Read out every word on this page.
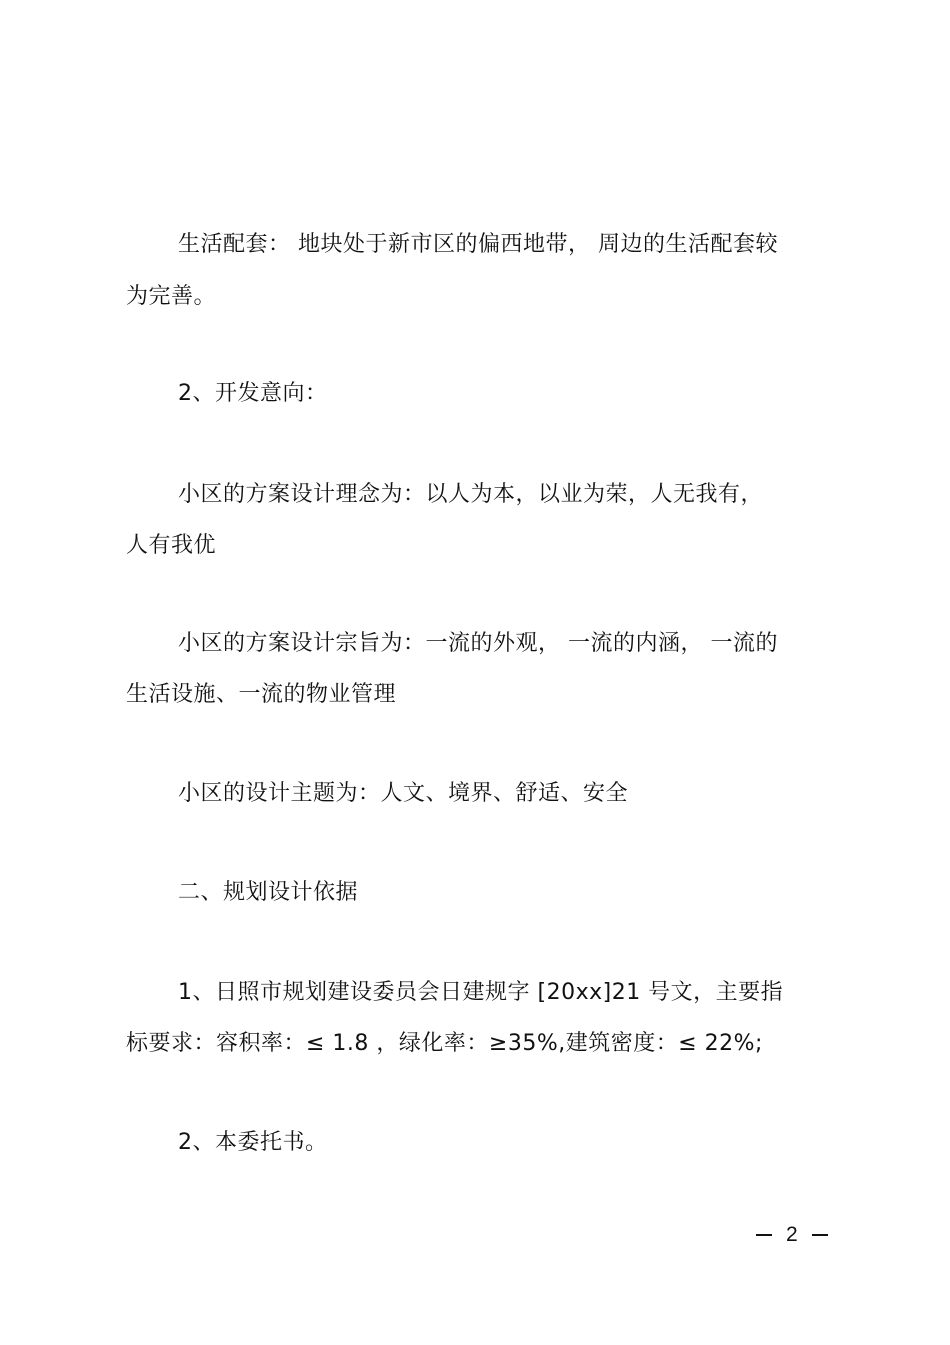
生活配套： 地块处于新市区的偏西地带， 周边的生活配套较
为完善。
2、开发意向：
小区的方案设计理念为：以人为本，以业为荣，人无我有，
人有我优
小区的方案设计宗旨为：一流的外观， 一流的内涵， 一流的
生活设施、一流的物业管理
小区的设计主题为：人文、境界、舒适、安全
二、规划设计依据
1、日照市规划建设委员会日建规字 [20xx]21 号文，主要指
标要求：容积率：≤ 1.8 ，绿化率：≥35%,建筑密度：≤ 22%;
2、本委托书。
2
